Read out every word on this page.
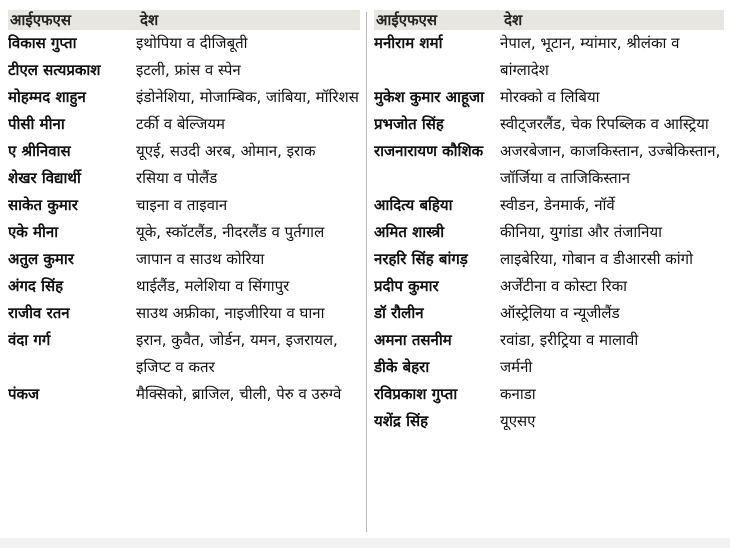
आईएफएस	देश
विकास गुप्ता	इथोपिया व दीजिबूती
टीएल सत्यप्रकाश	इटली, फ्रांस व स्पेन
मोहम्मद शाहुन	इंडोनेशिया, मोजाम्बिक, जांबिया, मॉरिशस
पीसी मीना	टर्की व बेल्जियम
ए श्रीनिवास	यूएई, सउदी अरब, ओमान, इराक
शेखर विद्यार्थी	रसिया व पोलैंड
साकेत कुमार	चाइना व ताइवान
एके मीना	यूके, स्कॉटलैंड, नीदरलैंड व पुर्तगाल
अतुल कुमार	जापान व साउथ कोरिया
अंगद सिंह	थाईलैंड, मलेशिया व सिंगापुर
राजीव रतन	साउथ अफ्रीका, नाइजीरिया व घाना
वंदा गर्ग	इरान, कुवैत, जोर्डन, यमन, इजरायल, इजिप्ट व कतर
पंकज	मैक्सिको, ब्राजिल, चीली, पेरु व उरुग्वे
आईएफएस	देश
मनीराम शर्मा	नेपाल, भूटान, म्यांमार, श्रीलंका व बांग्लादेश
मुकेश कुमार आहूजा	मोरक्को व लिबिया
प्रभजोत सिंह	स्वीट्जरलैंड, चेक रिपब्लिक व आस्ट्रिया
राजनारायण कौशिक	अजरबेजान, काजकिस्तान, उज्बेकिस्तान, जॉर्जिया व ताजिकिस्तान
आदित्य बहिया	स्वीडन, डेनमार्क, नॉर्वे
अमित शास्त्री	कीनिया, युगांडा और तंजानिया
नरहरि सिंह बांगड़	लाइबेरिया, गोबान व डीआरसी कांगो
प्रदीप कुमार	अर्जेंटीना व कोस्टा रिका
डॉ रौलीन	ऑस्ट्रेलिया व न्यूजीलैंड
अमना तसनीम	रवांडा, इरीट्रिया व मालावी
डीके बेहरा	जर्मनी
रविप्रकाश गुप्ता	कनाडा
यशेंद्र सिंह	यूएसए
